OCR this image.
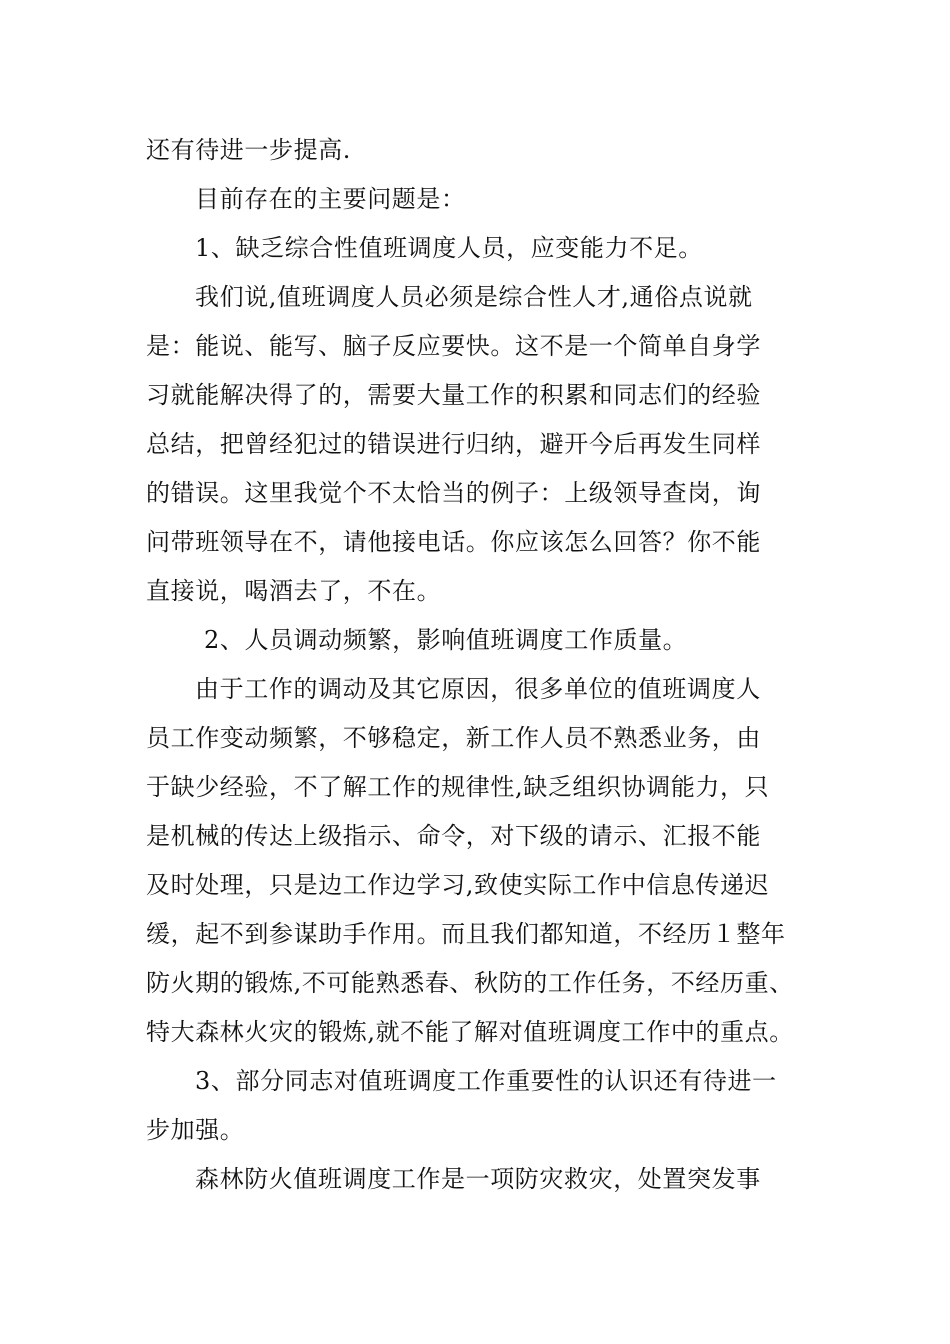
还有待进一步提高.
目前存在的主要问题是：
1、缺乏综合性值班调度人员，应变能力不足。
我们说,值班调度人员必须是综合性人才,通俗点说就
是：能说、能写、脑子反应要快。这不是一个简单自身学
习就能解决得了的，需要大量工作的积累和同志们的经验
总结，把曾经犯过的错误进行归纳，避开今后再发生同样
的错误。这里我觉个不太恰当的例子：上级领导查岗，询
问带班领导在不，请他接电话。你应该怎么回答？你不能
直接说，喝酒去了，不在。
2、人员调动频繁，影响值班调度工作质量。
由于工作的调动及其它原因，很多单位的值班调度人
员工作变动频繁，不够稳定，新工作人员不熟悉业务，由
于缺少经验，不了解工作的规律性,缺乏组织协调能力，只
是机械的传达上级指示、命令，对下级的请示、汇报不能
及时处理，只是边工作边学习,致使实际工作中信息传递迟
缓，起不到参谋助手作用。而且我们都知道，不经历１整年
防火期的锻炼,不可能熟悉春、秋防的工作任务，不经历重、
特大森林火灾的锻炼,就不能了解对值班调度工作中的重点。
3、部分同志对值班调度工作重要性的认识还有待进一
步加强。
森林防火值班调度工作是一项防灾救灾，处置突发事
